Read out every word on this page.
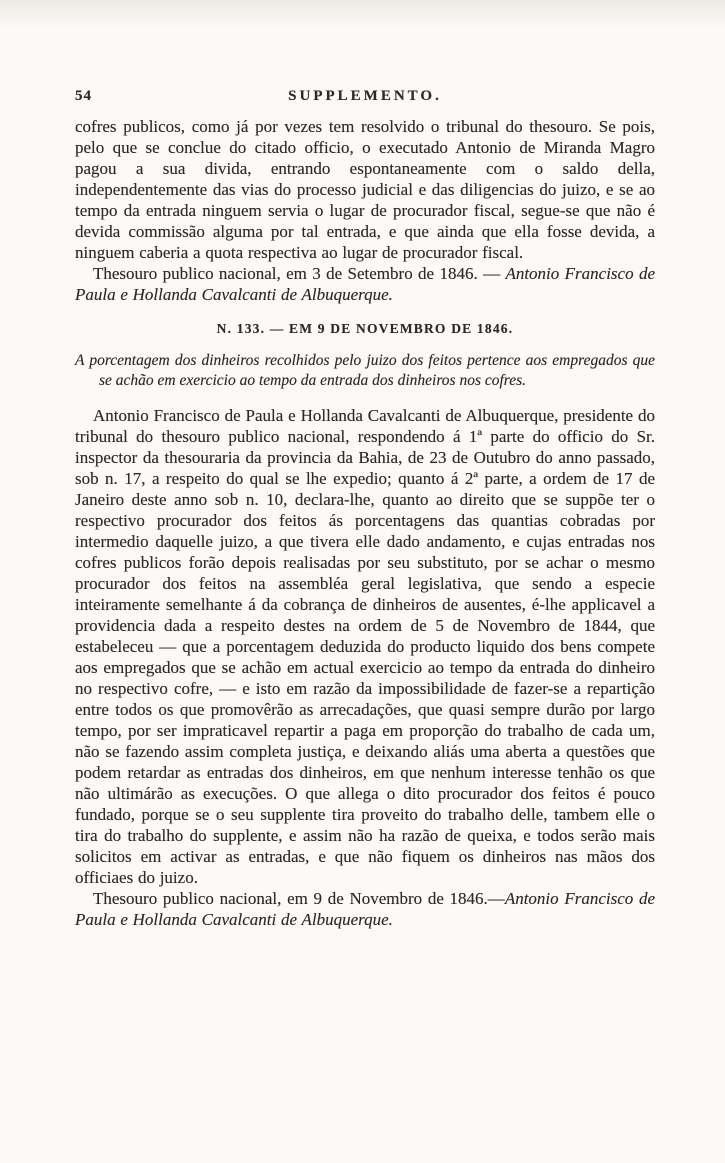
54	SUPPLEMENTO.

cofres publicos, como já por vezes tem resolvido o tribunal do thesouro. Se pois, pelo que se conclue do citado officio, o executado Antonio de Miranda Magro pagou a sua divida, entrando espontaneamente com o saldo della, independentemente das vias do processo judicial e das diligencias do juizo, e se ao tempo da entrada ninguem servia o lugar de procurador fiscal, segue-se que não é devida commissão alguma por tal entrada, e que ainda que ella fosse devida, a ninguem caberia a quota respectiva ao lugar de procurador fiscal.

Thesouro publico nacional, em 3 de Setembro de 1846. — Antonio Francisco de Paula e Hollanda Cavalcanti de Albuquerque.

N. 133. — EM 9 DE NOVEMBRO DE 1846.

A porcentagem dos dinheiros recolhidos pelo juizo dos feitos pertence aos empregados que se achão em exercicio ao tempo da entrada dos dinheiros nos cofres.

Antonio Francisco de Paula e Hollanda Cavalcanti de Albuquerque, presidente do tribunal do thesouro publico nacional, respondendo á 1ª parte do officio do Sr. inspector da thesouraria da provincia da Bahia, de 23 de Outubro do anno passado, sob n. 17, a respeito do qual se lhe expedio; quanto á 2ª parte, a ordem de 17 de Janeiro deste anno sob n. 10, declara-lhe, quanto ao direito que se suppõe ter o respectivo procurador dos feitos ás porcentagens das quantias cobradas por intermedio daquelle juizo, a que tivera elle dado andamento, e cujas entradas nos cofres publicos forão depois realisadas por seu substituto, por se achar o mesmo procurador dos feitos na assembléa geral legislativa, que sendo a especie inteiramente semelhante á da cobrança de dinheiros de ausentes, é-lhe applicavel a providencia dada a respeito destes na ordem de 5 de Novembro de 1844, que estabeleceu — que a porcentagem deduzida do producto liquido dos bens compete aos empregados que se achão em actual exercicio ao tempo da entrada do dinheiro no respectivo cofre, — e isto em razão da impossibilidade de fazer-se a repartição entre todos os que promovêrão as arrecadações, que quasi sempre durão por largo tempo, por ser impraticavel repartir a paga em proporção do trabalho de cada um, não se fazendo assim completa justiça, e deixando aliás uma aberta a questões que podem retardar as entradas dos dinheiros, em que nenhum interesse tenhão os que não ultimárão as execuções. O que allega o dito procurador dos feitos é pouco fundado, porque se o seu supplente tira proveito do trabalho delle, tambem elle o tira do trabalho do supplente, e assim não ha razão de queixa, e todos serão mais solicitos em activar as entradas, e que não fiquem os dinheiros nas mãos dos officiaes do juizo.

Thesouro publico nacional, em 9 de Novembro de 1846.—Antonio Francisco de Paula e Hollanda Cavalcanti de Albuquerque.
